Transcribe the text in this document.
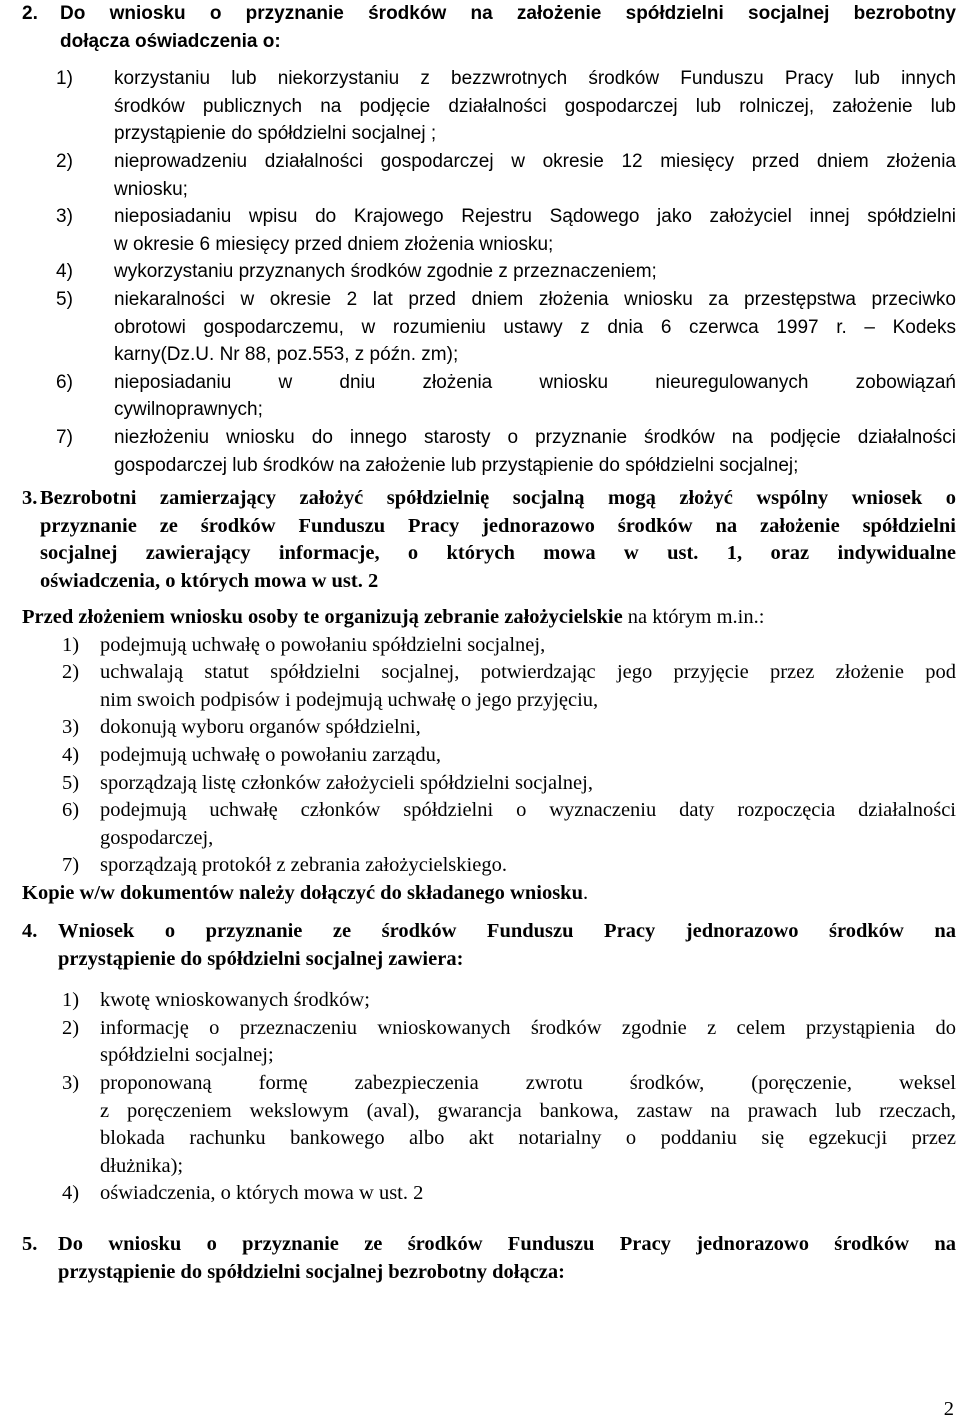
2.	Do wniosku o przyznanie środków na założenie spółdzielni socjalnej bezrobotny
dołącza oświadczenia o:
1)	korzystaniu lub niekorzystaniu z bezzwrotnych środków Funduszu Pracy lub innych
środków publicznych na podjęcie działalności gospodarczej lub rolniczej, założenie lub
przystąpienie do spółdzielni socjalnej ;
2)	nieprowadzeniu działalności gospodarczej w okresie 12 miesięcy przed dniem złożenia
wniosku;
3)	nieposiadaniu wpisu do Krajowego Rejestru Sądowego jako założyciel innej spółdzielni
w okresie 6 miesięcy przed dniem złożenia wniosku;
4)	wykorzystaniu przyznanych środków zgodnie z przeznaczeniem;
5)	niekaralności w okresie 2 lat przed dniem złożenia wniosku za przestępstwa przeciwko
obrotowi gospodarczemu, w rozumieniu ustawy z dnia 6 czerwca 1997 r. – Kodeks
karny(Dz.U. Nr 88, poz.553, z późn. zm);
6)	nieposiadaniu w dniu złożenia wniosku nieuregulowanych zobowiązań
cywilnoprawnych;
7)	niezłożeniu wniosku do innego starosty o przyznanie środków na podjęcie działalności
gospodarczej lub środków na założenie lub przystąpienie do spółdzielni socjalnej;
3. Bezrobotni zamierzający założyć spółdzielnię socjalną mogą złożyć wspólny wniosek o
przyznanie ze środków Funduszu Pracy jednorazowo środków na założenie spółdzielni
socjalnej zawierający informacje, o których mowa w ust. 1, oraz indywidualne
oświadczenia, o których mowa w ust. 2
Przed złożeniem wniosku osoby te organizują zebranie założycielskie na którym m.in.:
1)	podejmują uchwałę o powołaniu spółdzielni socjalnej,
2)	uchwalają statut spółdzielni socjalnej, potwierdzając jego przyjęcie przez złożenie pod
nim swoich podpisów i podejmują uchwałę o jego przyjęciu,
3)	dokonują wyboru organów spółdzielni,
4)	podejmują uchwałę o powołaniu zarządu,
5)	sporządzają listę członków założycieli spółdzielni socjalnej,
6)	podejmują uchwałę członków spółdzielni o wyznaczeniu daty rozpoczęcia działalności
gospodarczej,
7)	sporządzają protokół z zebrania założycielskiego.
Kopie w/w dokumentów należy dołączyć do składanego wniosku.
4.	Wniosek o przyznanie ze środków Funduszu Pracy jednorazowo środków na
przystąpienie do spółdzielni socjalnej zawiera:
1)	kwotę wnioskowanych środków;
2)	informację o przeznaczeniu wnioskowanych środków zgodnie z celem przystąpienia do
spółdzielni socjalnej;
3)	proponowaną formę zabezpieczenia zwrotu środków, (poręczenie, weksel
z poręczeniem wekslowym (aval), gwarancja bankowa, zastaw na prawach lub rzeczach,
blokada rachunku bankowego albo akt notarialny o poddaniu się egzekucji przez
dłużnika);
4)	oświadczenia, o których mowa w ust. 2
5.	Do wniosku o przyznanie ze środków Funduszu Pracy jednorazowo środków na
przystąpienie do spółdzielni socjalnej bezrobotny dołącza:
2
